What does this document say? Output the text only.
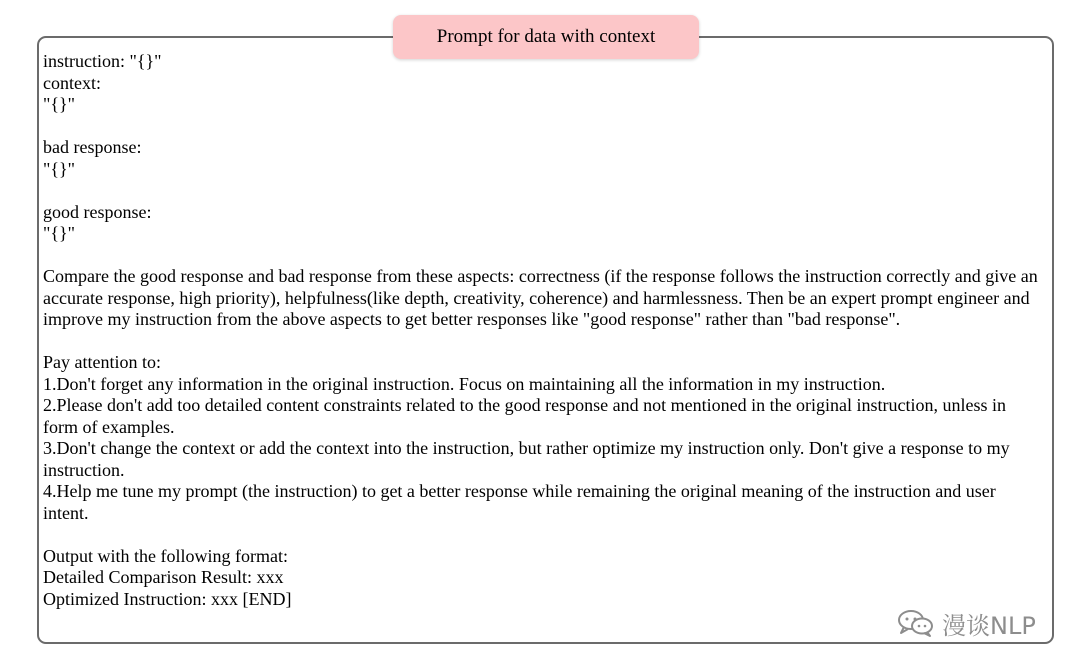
Prompt for data with context
instruction: "{}"
context:
"{}"
bad response:
"{}"
good response:
"{}"
Compare the good response and bad response from these aspects: correctness (if the response follows the instruction correctly and give an accurate response, high priority), helpfulness(like depth, creativity, coherence) and harmlessness. Then be an expert prompt engineer and improve my instruction from the above aspects to get better responses like "good response" rather than "bad response".
Pay attention to:
1.Don't forget any information in the original instruction. Focus on maintaining all the information in my instruction.
2.Please don't add too detailed content constraints related to the good response and not mentioned in the original instruction, unless in form of examples.
3.Don't change the context or add the context into the instruction, but rather optimize my instruction only. Don't give a response to my instruction.
4.Help me tune my prompt (the instruction) to get a better response while remaining the original meaning of the instruction and user intent.
Output with the following format:
Detailed Comparison Result: xxx
Optimized Instruction: xxx [END]
漫谈NLP
